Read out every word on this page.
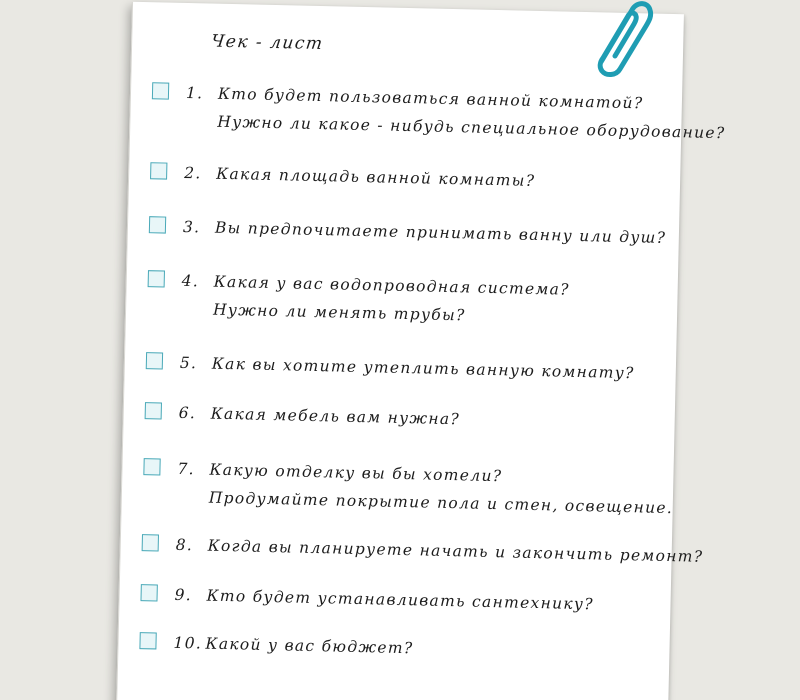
Чек - лист
1. Кто будет пользоваться ванной комнатой?
Нужно ли какое - нибудь специальное оборудование?
2. Какая площадь ванной комнаты?
3. Вы предпочитаете принимать ванну или душ?
4. Какая у вас водопроводная система?
Нужно ли менять трубы?
5. Как вы хотите утеплить ванную комнату?
6. Какая мебель вам нужна?
7. Какую отделку вы бы хотели?
Продумайте покрытие пола и стен, освещение.
8. Когда вы планируете начать и закончить ремонт?
9. Кто будет устанавливать сантехнику?
10. Какой у вас бюджет?
